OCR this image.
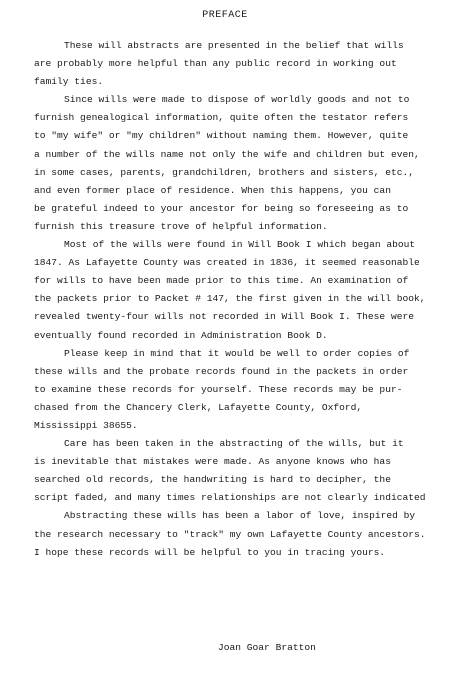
PREFACE
These will abstracts are presented in the belief that wills
are probably more helpful than any public record in working out
family ties.
Since wills were made to dispose of worldly goods and not to
furnish genealogical information, quite often the testator refers
to "my wife" or "my children" without naming them. However, quite
a number of the wills name not only the wife and children but even,
in some cases, parents, grandchildren, brothers and sisters, etc.,
and even former place of residence. When this happens, you can
be grateful indeed to your ancestor for being so foreseeing as to
furnish this treasure trove of helpful information.
Most of the wills were found in Will Book I which began about
1847. As Lafayette County was created in 1836, it seemed reasonable
for wills to have been made prior to this time. An examination of
the packets prior to Packet # 147, the first given in the will book,
revealed twenty-four wills not recorded in Will Book I. These were
eventually found recorded in Administration Book D.
Please keep in mind that it would be well to order copies of
these wills and the probate records found in the packets in order
to examine these records for yourself. These records may be pur-
chased from the Chancery Clerk, Lafayette County, Oxford,
Mississippi 38655.
Care has been taken in the abstracting of the wills, but it
is inevitable that mistakes were made. As anyone knows who has
searched old records, the handwriting is hard to decipher, the
script faded, and many times relationships are not clearly indicated
Abstracting these wills has been a labor of love, inspired by
the research necessary to "track" my own Lafayette County ancestors.
I hope these records will be helpful to you in tracing yours.
Joan Goar Bratton
